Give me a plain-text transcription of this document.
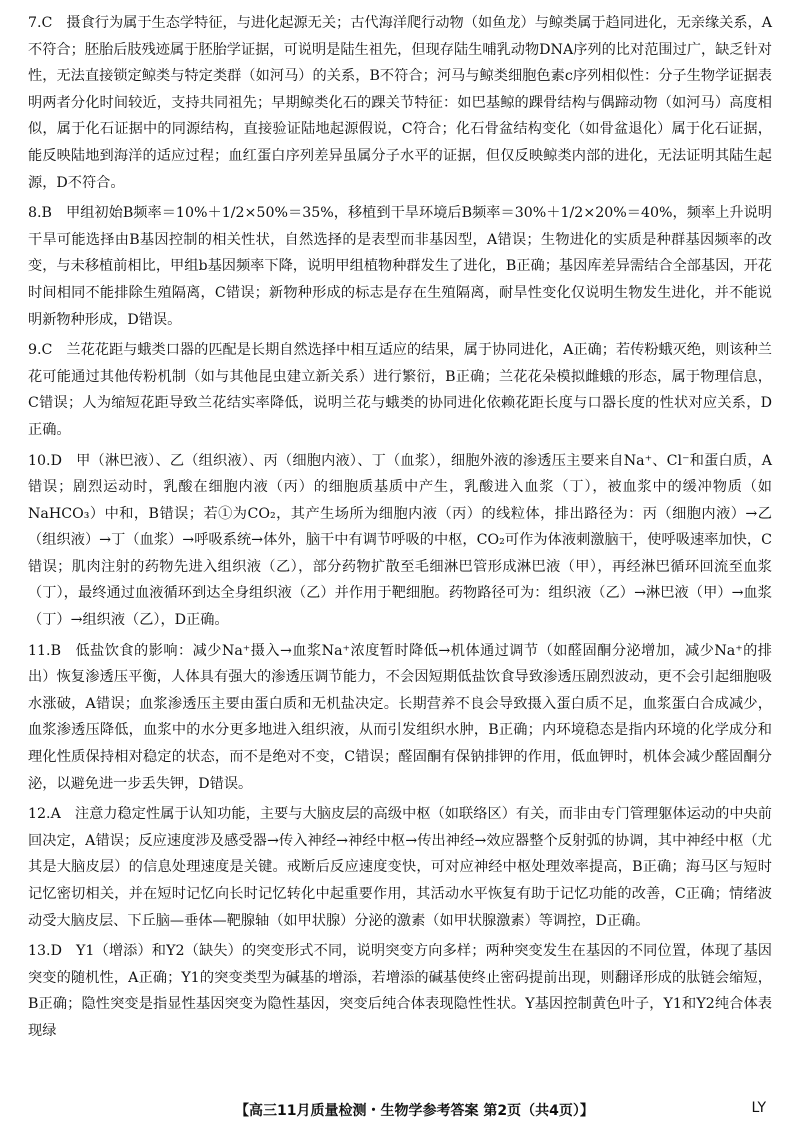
7.C 摄食行为属于生态学特征，与进化起源无关；古代海洋爬行动物（如鱼龙）与鲸类属于趋同进化，无亲缘关系，A不符合；胚胎后肢残迹属于胚胎学证据，可说明是陆生祖先，但现存陆生哺乳动物DNA序列的比对范围过广，缺乏针对性，无法直接锁定鲸类与特定类群（如河马）的关系，B不符合；河马与鲸类细胞色素c序列相似性：分子生物学证据表明两者分化时间较近，支持共同祖先；早期鲸类化石的踝关节特征：如巴基鲸的踝骨结构与偶蹄动物（如河马）高度相似，属于化石证据中的同源结构，直接验证陆地起源假说，C符合；化石骨盆结构变化（如骨盆退化）属于化石证据，能反映陆地到海洋的适应过程；血红蛋白序列差异虽属分子水平的证据，但仅反映鲸类内部的进化，无法证明其陆生起源，D不符合。
8.B 甲组初始B频率＝10%＋1/2×50%＝35%，移植到干旱环境后B频率＝30%＋1/2×20%＝40%，频率上升说明干旱可能选择由B基因控制的相关性状，自然选择的是表型而非基因型，A错误；生物进化的实质是种群基因频率的改变，与未移植前相比，甲组b基因频率下降，说明甲组植物种群发生了进化，B正确；基因库差异需结合全部基因，开花时间相同不能排除生殖隔离，C错误；新物种形成的标志是存在生殖隔离，耐旱性变化仅说明生物发生进化，并不能说明新物种形成，D错误。
9.C 兰花花距与蛾类口器的匹配是长期自然选择中相互适应的结果，属于协同进化，A正确；若传粉蛾灭绝，则该种兰花可能通过其他传粉机制（如与其他昆虫建立新关系）进行繁衍，B正确；兰花花朵模拟雌蛾的形态，属于物理信息，C错误；人为缩短花距导致兰花结实率降低，说明兰花与蛾类的协同进化依赖花距长度与口器长度的性状对应关系，D正确。
10.D 甲（淋巴液）、乙（组织液）、丙（细胞内液）、丁（血浆），细胞外液的渗透压主要来自Na⁺、Cl⁻和蛋白质，A错误；剧烈运动时，乳酸在细胞内液（丙）的细胞质基质中产生，乳酸进入血浆（丁），被血浆中的缓冲物质（如NaHCO₃）中和，B错误；若①为CO₂，其产生场所为细胞内液（丙）的线粒体，排出路径为：丙（细胞内液）→乙（组织液）→丁（血浆）→呼吸系统→体外，脑干中有调节呼吸的中枢，CO₂可作为体液刺激脑干，使呼吸速率加快，C错误；肌肉注射的药物先进入组织液（乙），部分药物扩散至毛细淋巴管形成淋巴液（甲），再经淋巴循环回流至血浆（丁），最终通过血液循环到达全身组织液（乙）并作用于靶细胞。药物路径可为：组织液（乙）→淋巴液（甲）→血浆（丁）→组织液（乙），D正确。
11.B 低盐饮食的影响：减少Na⁺摄入→血浆Na⁺浓度暂时降低→机体通过调节（如醛固酮分泌增加，减少Na⁺的排出）恢复渗透压平衡，人体具有强大的渗透压调节能力，不会因短期低盐饮食导致渗透压剧烈波动，更不会引起细胞吸水涨破，A错误；血浆渗透压主要由蛋白质和无机盐决定。长期营养不良会导致摄入蛋白质不足，血浆蛋白合成减少，血浆渗透压降低，血浆中的水分更多地进入组织液，从而引发组织水肿，B正确；内环境稳态是指内环境的化学成分和理化性质保持相对稳定的状态，而不是绝对不变，C错误；醛固酮有保钠排钾的作用，低血钾时，机体会减少醛固酮分泌，以避免进一步丢失钾，D错误。
12.A 注意力稳定性属于认知功能，主要与大脑皮层的高级中枢（如联络区）有关，而非由专门管理躯体运动的中央前回决定，A错误；反应速度涉及感受器→传入神经→神经中枢→传出神经→效应器整个反射弧的协调，其中神经中枢（尤其是大脑皮层）的信息处理速度是关键。戒断后反应速度变快，可对应神经中枢处理效率提高，B正确；海马区与短时记忆密切相关，并在短时记忆向长时记忆转化中起重要作用，其活动水平恢复有助于记忆功能的改善，C正确；情绪波动受大脑皮层、下丘脑—垂体—靶腺轴（如甲状腺）分泌的激素（如甲状腺激素）等调控，D正确。
13.D Y1（增添）和Y2（缺失）的突变形式不同，说明突变方向多样；两种突变发生在基因的不同位置，体现了基因突变的随机性，A正确；Y1的突变类型为碱基的增添，若增添的碱基使终止密码提前出现，则翻译形成的肽链会缩短，B正确；隐性突变是指显性基因突变为隐性基因，突变后纯合体表现隐性性状。Y基因控制黄色叶子，Y1和Y2纯合体表现绿
【高三11月质量检测・生物学参考答案 第2页（共4页）】	LY
